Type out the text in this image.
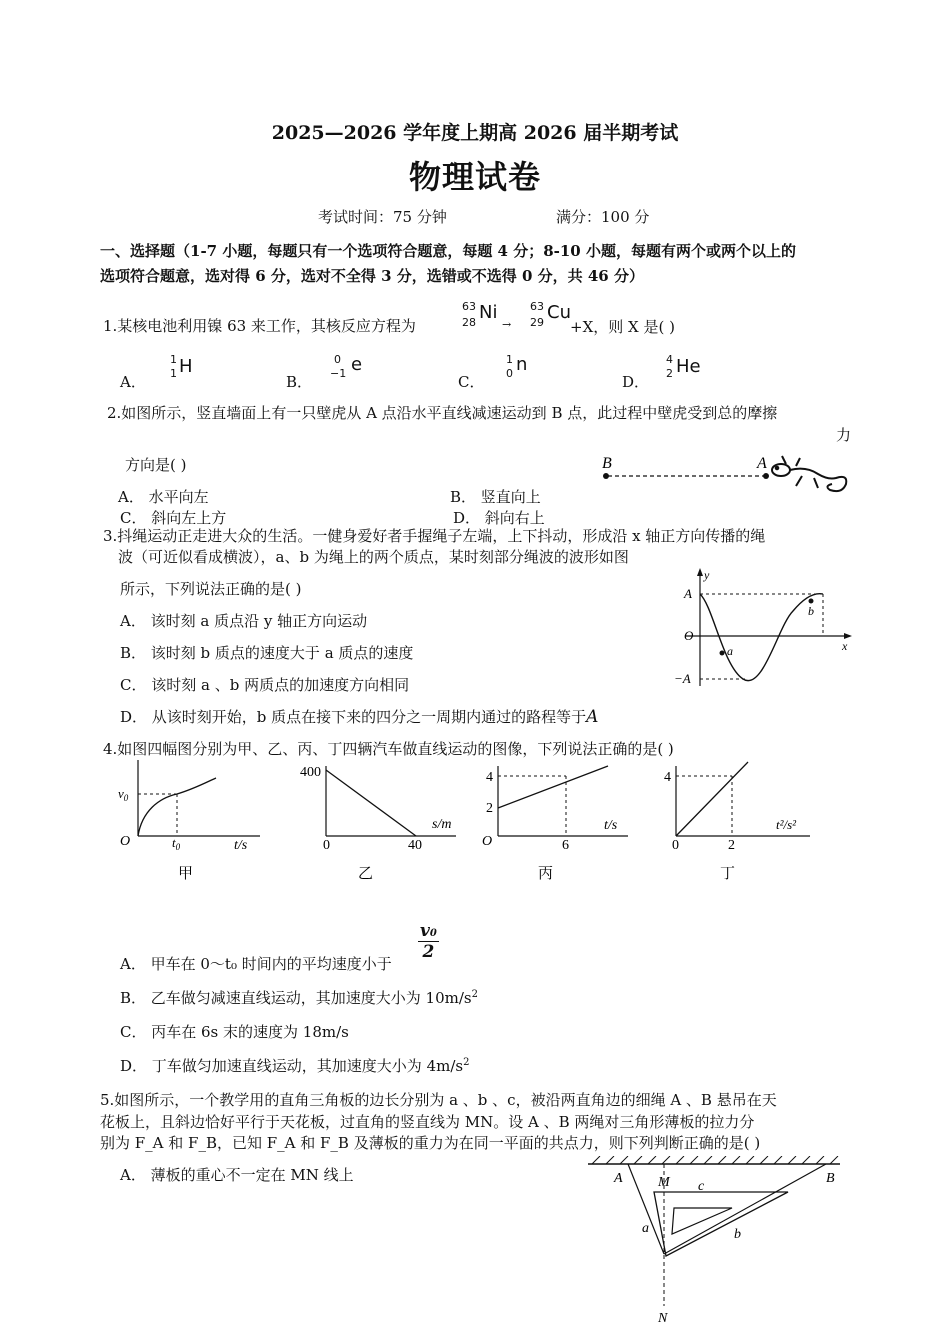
2025—2026 学年度上期高 2026 届半期考试
物理试卷
考试时间：75 分钟	满分：100 分
一、选择题（1-7 小题，每题只有一个选项符合题意，每题 4 分；8-10 小题，每题有两个或两个以上的
选项符合题意，选对得 6 分，选对不全得 3 分，选错或不选得 0 分，共 46 分）
1.某核电池利用镍 63 来工作，其核反应方程为
63
28 Ni
→
63
29 Cu
+X，则 X 是( )
A．
1
1 H
B．
0
−1 e
C．
1
0 n
D．
4
2 He
2.如图所示，竖直墙面上有一只壁虎从 A 点沿水平直线减速运动到 B 点，此过程中壁虎受到总的摩擦
力
方向是( )
A． 水平向左	B． 竖直向上
C． 斜向左上方	D． 斜向右上
B	A
3.抖绳运动正走进大众的生活。一健身爱好者手握绳子左端，上下抖动，形成沿 x 轴正方向传播的绳
波（可近似看成横波），a、b 为绳上的两个质点，某时刻部分绳波的波形如图
所示，下列说法正确的是( )
A． 该时刻 a 质点沿 y 轴正方向运动
B． 该时刻 b 质点的速度大于 a 质点的速度
C． 该时刻 a 、b 两质点的加速度方向相同
D． 从该时刻开始，b 质点在接下来的四分之一周期内通过的路程等于A
y
x
A
O
−A
a
b
4.如图四幅图分别为甲、乙、丙、丁四辆汽车做直线运动的图像，下列说法正确的是( )
O
$v_0$
$t_0$	t/s
甲
400
0	40
s/m
乙
O
2
4
6
t/s
丙
4
0	2
t²/s²
丁
A． 甲车在 0～t₀ 时间内的平均速度小于
v0
2
B． 乙车做匀减速直线运动，其加速度大小为 $10m/s^2$
C． 丙车在 6s 末的速度为 18m/s
D． 丁车做匀加速直线运动，其加速度大小为 $4m/s^2$
5.如图所示，一个教学用的直角三角板的边长分别为 a 、b 、c，被沿两直角边的细绳 A 、B 悬吊在天
花板上，且斜边恰好平行于天花板，过直角的竖直线为 MN。设 A 、B 两绳对三角形薄板的拉力分
别为 F_A 和 F_B，已知 F_A 和 F_B 及薄板的重力为在同一平面的共点力，则下列判断正确的是( )
A． 薄板的重心不一定在 MN 线上	A	M c
B
a	b
N
